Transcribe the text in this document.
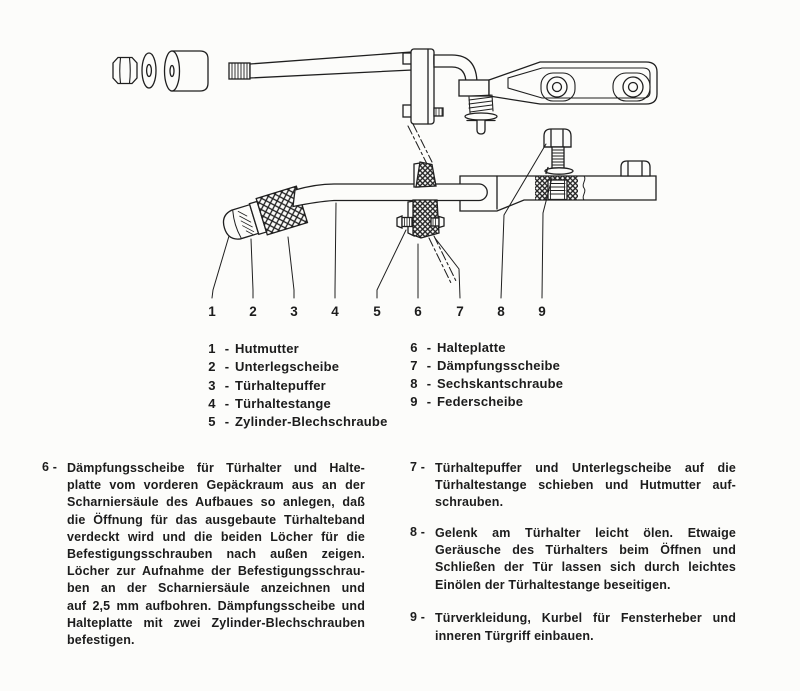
1 2 3 4	5 6	7 8 9
1 - Hutmutter
2 - Unterlegscheibe
3 - Türhaltepuffer
4 - Türhaltestange
5 - Zylinder-Blechschraube
6 - Halteplatte
7 - Dämpfungsscheibe
8 - Sechskantschraube
9 - Federscheibe
6 - Dämpfungsscheibe für Türhalter und Halte-
platte vom vorderen Gepäckraum aus an der
Scharniersäule des Aufbaues so anlegen, daß
die Öffnung für das ausgebaute Türhalteband
verdeckt wird und die beiden Löcher für die
Befestigungsschrauben nach außen zeigen.
Löcher zur Aufnahme der Befestigungsschrau-
ben an der Scharniersäule anzeichnen und
auf 2,5 mm aufbohren. Dämpfungsscheibe und
Halteplatte mit zwei Zylinder-Blechschrauben
befestigen.
7 - Türhaltepuffer und Unterlegscheibe auf die
Türhaltestange schieben und Hutmutter auf-
schrauben.
8 - Gelenk am Türhalter leicht ölen. Etwaige
Geräusche des Türhalters beim Öffnen und
Schließen der Tür lassen sich durch leichtes
Einölen der Türhaltestange beseitigen.
9 - Türverkleidung, Kurbel für Fensterheber und
inneren Türgriff einbauen.
